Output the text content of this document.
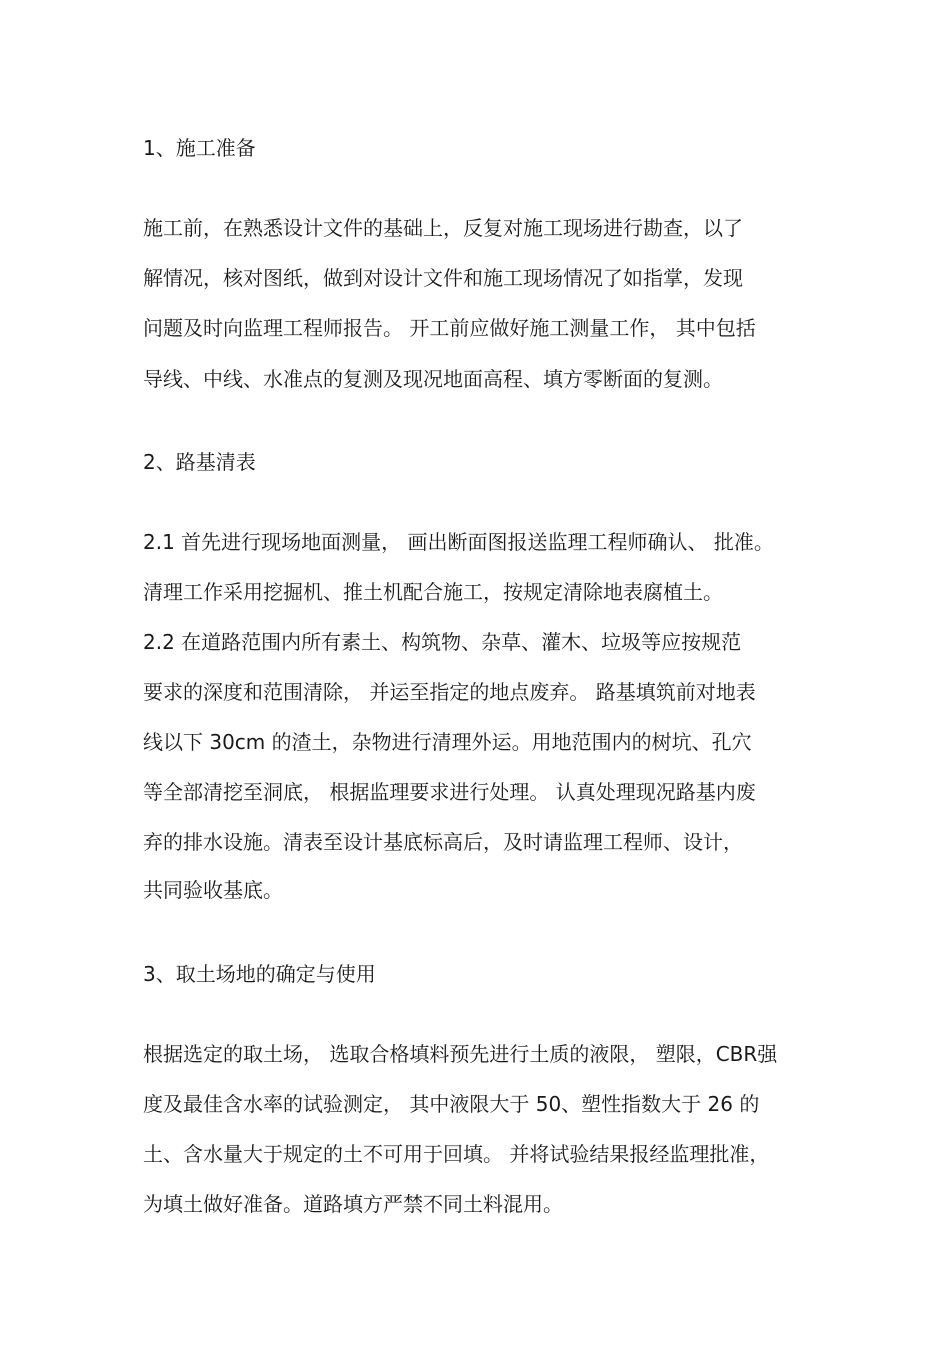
1、施工准备
施工前，在熟悉设计文件的基础上，反复对施工现场进行勘查，以了
解情况，核对图纸，做到对设计文件和施工现场情况了如指掌，发现
问题及时向监理工程师报告。 开工前应做好施工测量工作， 其中包括
导线、中线、水准点的复测及现况地面高程、填方零断面的复测。
2、路基清表
2.1 首先进行现场地面测量， 画出断面图报送监理工程师确认、 批准。
清理工作采用挖掘机、推土机配合施工，按规定清除地表腐植土。
2.2 在道路范围内所有素土、构筑物、杂草、灌木、垃圾等应按规范
要求的深度和范围清除， 并运至指定的地点废弃。 路基填筑前对地表
线以下 30cm 的渣土，杂物进行清理外运。用地范围内的树坑、孔穴
等全部清挖至洞底， 根据监理要求进行处理。 认真处理现况路基内废
弃的排水设施。清表至设计基底标高后，及时请监理工程师、设计，
共同验收基底。
3、取土场地的确定与使用
根据选定的取土场， 选取合格填料预先进行土质的液限， 塑限，CBR强
度及最佳含水率的试验测定， 其中液限大于 50、塑性指数大于 26 的
土、含水量大于规定的土不可用于回填。 并将试验结果报经监理批准，
为填土做好准备。道路填方严禁不同土料混用。
